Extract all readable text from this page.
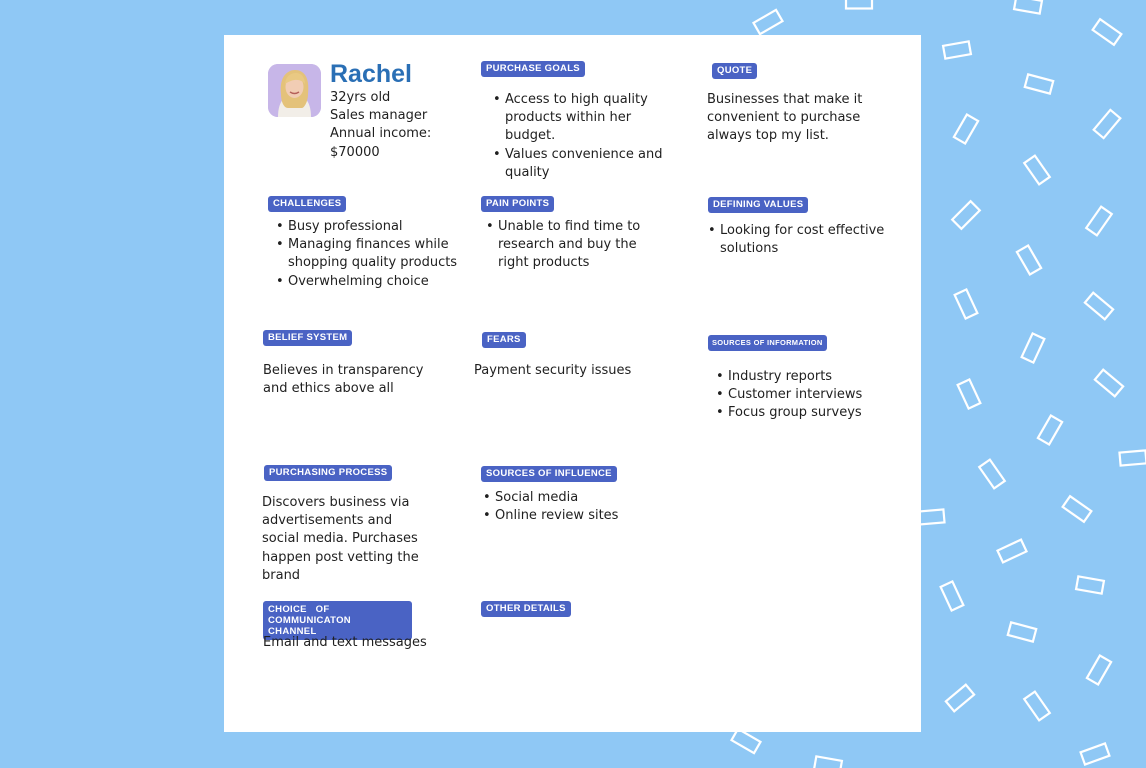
Rachel
32yrs old
Sales manager
Annual income:
$70000
PURCHASE GOALS
• Access to high quality products within her budget.
• Values convenience and quality
QUOTE
Businesses that make it convenient to purchase always top my list.
CHALLENGES
• Busy professional
• Managing finances while shopping quality products
• Overwhelming choice
PAIN POINTS
• Unable to find time to research and buy the right products
DEFINING VALUES
• Looking for cost effective solutions
BELIEF SYSTEM
Believes in transparency and ethics above all
FEARS
Payment security issues
SOURCES OF INFORMATION
• Industry reports
• Customer interviews
• Focus group surveys
PURCHASING PROCESS
Discovers business via advertisements and social media. Purchases happen post vetting the brand
SOURCES OF INFLUENCE
• Social media
• Online review sites
CHOICE OF COMMUNICATON
CHANNEL
Email and text messages
OTHER DETAILS
